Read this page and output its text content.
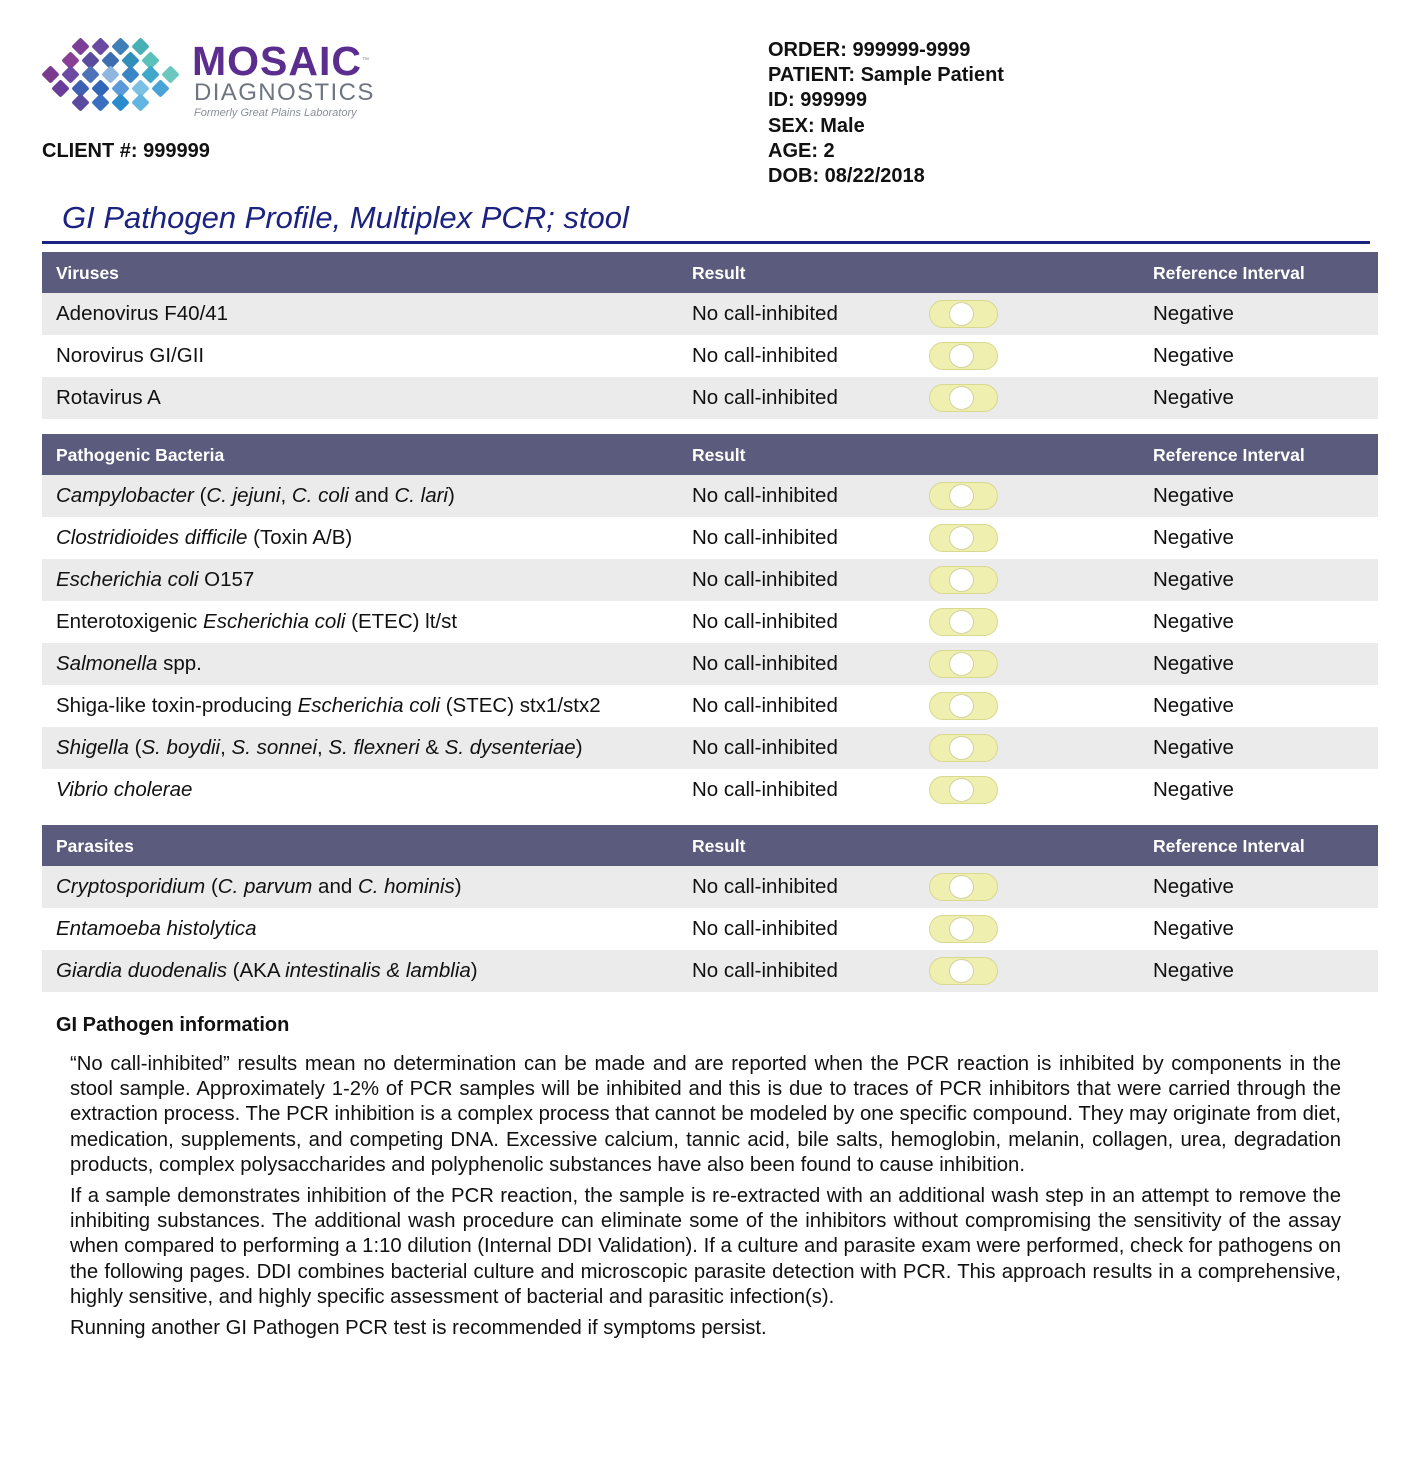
MOSAIC™
DIAGNOSTICS
Formerly Great Plains Laboratory
CLIENT #: 999999
ORDER: 999999-9999
PATIENT: Sample Patient
ID: 999999
SEX: Male
AGE: 2
DOB: 08/22/2018
GI Pathogen Profile, Multiplex PCR; stool
Viruses	Result	Reference Interval
Adenovirus F40/41	No call-inhibited	Negative
Norovirus GI/GII	No call-inhibited	Negative
Rotavirus A	No call-inhibited	Negative
Pathogenic Bacteria	Result	Reference Interval
Campylobacter (C. jejuni, C. coli and C. lari)	No call-inhibited	Negative
Clostridioides difficile (Toxin A/B)	No call-inhibited	Negative
Escherichia coli O157	No call-inhibited	Negative
Enterotoxigenic Escherichia coli (ETEC) lt/st	No call-inhibited	Negative
Salmonella spp.	No call-inhibited	Negative
Shiga-like toxin-producing Escherichia coli (STEC) stx1/stx2	No call-inhibited	Negative
Shigella (S. boydii, S. sonnei, S. flexneri & S. dysenteriae)	No call-inhibited	Negative
Vibrio cholerae	No call-inhibited	Negative
Parasites	Result	Reference Interval
Cryptosporidium (C. parvum and C. hominis)	No call-inhibited	Negative
Entamoeba histolytica	No call-inhibited	Negative
Giardia duodenalis (AKA intestinalis & lamblia)	No call-inhibited	Negative
GI Pathogen information

“No call-inhibited” results mean no determination can be made and are reported when the PCR reaction is inhibited by components in the stool sample. Approximately 1-2% of PCR samples will be inhibited and this is due to traces of PCR inhibitors that were carried through the extraction process. The PCR inhibition is a complex process that cannot be modeled by one specific compound. They may originate from diet, medication, supplements, and competing DNA. Excessive calcium, tannic acid, bile salts, hemoglobin, melanin, collagen, urea, degradation products, complex polysaccharides and polyphenolic substances have also been found to cause inhibition.

If a sample demonstrates inhibition of the PCR reaction, the sample is re-extracted with an additional wash step in an attempt to remove the inhibiting substances. The additional wash procedure can eliminate some of the inhibitors without compromising the sensitivity of the assay when compared to performing a 1:10 dilution (Internal DDI Validation). If a culture and parasite exam were performed, check for pathogens on the following pages. DDI combines bacterial culture and microscopic parasite detection with PCR. This approach results in a comprehensive, highly sensitive, and highly specific assessment of bacterial and parasitic infection(s).

Running another GI Pathogen PCR test is recommended if symptoms persist.
